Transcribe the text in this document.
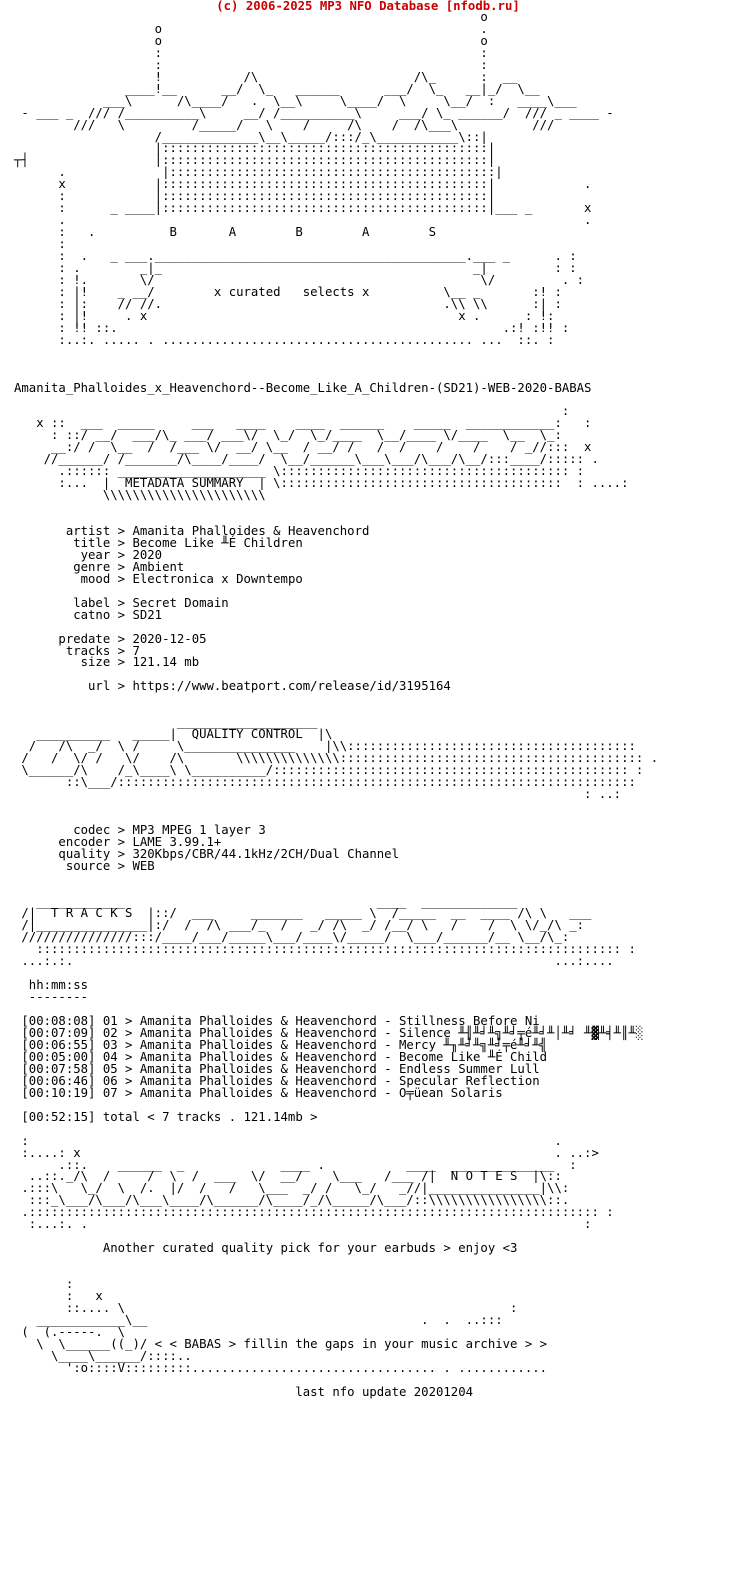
(c) 2006-2025 MP3 NFO Database [nfodb.ru]
o
o                                           .
o                                           o
:                                           :
:                                           :
!           /\                     /\_      :  __
____!__      __/  \_   ______      ___/  \_   __|_/  \__
___\      /\____/   .  \__\     \____/  \     \__/  :   ____\___
- ___ _  /// /__________\     __/ /__________\     ___/ \_ ______/  /// _ ____ -
///   \         /_____/   \    /     /\    /  /\___\          ///
/_____________\__\_____/:::/_\___________\::|
|::::::::::::::::::::::::::::::::::::::::::::|
┬┤                 |::::::::::::::::::::::::::::::::::::::::::::|
.             |::::::::::::::::::::::::::::::::::::::::::::|
x            |::::::::::::::::::::::::::::::::::::::::::::|            .
:            |::::::::::::::::::::::::::::::::::::::::::::|
:      _ ____|::::::::::::::::::::::::::::::::::::::::::::|___ _       x
.                                                                      .
:   .          B       A        B        A        S
:
:  .   _ ___.__________________________________________.___ _      . :
: .        _|_                                          _|         : :
: !.       \/                                            \/         . :
: |!    _ __/        x curated   selects x          \__ _       :! :
: |:    // //.                                      .\\ \\      :| :
: |!     . x                                          x .      : !:
: !! ::.                                                    .:! :!! :
:..:. ..... . .......................................... ...  ::. :

Amanita_Phalloides_x_Heavenchord--Become_Like_A_Children-(SD21)-WEB-2020-BABAS

:
x ::  ___  _____     ___   ____    ____  ______    _____  ____________:   :
: ::/ __/  ___/\_ ___/ ___\/  \_/  \_/____  \__/____ \/____  \__  \_:
__:/ /  \__  /  /___ \/  __/ \__  / __/ /   /  /    /    /    / _//:::  x
//______/ /_______/\____/____/  \__/______\___\___/\___/\__/:::____/::::: .
.:::::: ____________________ \::::::::::::::::::::::::::::::::::::::: :
:...  |  METADATA SUMMARY  | \::::::::::::::::::::::::::::::::::::::  : ....:
\\\\\\\\\\\\\\\\\\\\\\

artist > Amanita Phalloides & Heavenchord
title > Become Like ╨É Children
year > 2020
genre > Ambient
mood > Electronica x Downtempo

label > Secret Domain
catno > SD21

predate > 2020-12-05
tracks > 7
size > 121.14 mb

url > https://www.beatport.com/release/id/3195164

___________________
__________   _____|  QUALITY CONTROL  |\
/   /\  _/  \ /     \_______________    |\\:::::::::::::::::::::::::::::::::::::::
/   /  \/ /   \/    /\       \\\\\\\\\\\\\\::::::::::::::::::::::::::::::::::::::::: .
\______/\    /_\____\ \__________/:::::::::::::::::::::::::::::::::::::::::::::::: :
::\___/::::::::::::::::::::::::::::::::::::::::::::::::::::::::::::::::::::::
: ..:

codec > MP3 MPEG 1 layer 3
encoder > LAME 3.99.1+
quality > 320Kbps/CBR/44.1kHz/2CH/Dual Channel
source > WEB

____________                                  ____  _____________
/|  T R A C K S  |::/  ___     _______   _____ \  /_____  __  ____ /\ \   ___
/|_______________|:/  /  /\ ___/_  /   _/ /\  _/ /__/ \   /    /  \ \/_/\ _:
///////////////:::/____/___/_____\___/____\/_____/  \___/______/__ \__/\_:
::::::::::::::::::::::::::::::::::::::::::::::::::::::::::::::::::::::::::::::: :
...:.:.                                                                 ...:....

hh:mm:ss
--------

[00:08:08] 01 > Amanita Phalloides & Heavenchord - Stillness Before Ni
[00:07:09] 02 > Amanita Phalloides & Heavenchord - Silence ╨╢╨╛╨╗╨╛╤é╨╛╨│╨╛ ╨▓╨╡╨║╨░
[00:06:55] 03 > Amanita Phalloides & Heavenchord - Mercy ╨╖╨╛╨╗╨╛╤é╨╛╨╣
[00:05:00] 04 > Amanita Phalloides & Heavenchord - Become Like ╨É Child
[00:07:58] 05 > Amanita Phalloides & Heavenchord - Endless Summer Lull
[00:06:46] 06 > Amanita Phalloides & Heavenchord - Specular Reflection
[00:10:19] 07 > Amanita Phalloides & Heavenchord - O╤üean Solaris

[00:52:15] total < 7 tracks . 121.14mb >

:                                                                       .
:....: x                                                                . ..:>
.::.    ______  _             ____ .           ____  ______________  :
..::._/\  /     /  \  /  ___  \/  __/    \___   /___ /|  N O T E S  |\::
.:::\   \_/  \  /.  |/  /   /   \___  _/ /   \_/   _//|_______________|\\:
:::_\___/\___/\___\____/\______/\____/_/\_____/\___/::\\\\\\\\\\\\\\\\::.
.::::::::::::::::::::::::::::::::::::::::::::::::::::::::::::::::::::::::::::: :
:...:. .                                                                   :

Another curated quality pick for your earbuds > enjoy <3

:
:   x
::.... \                                                    :
____________\__                                     .  .  ..:::
(  (.-----.  \
\  \______((_)/ < < BABAS > fillin the gaps in your music archive > >
\____\______/::::..
':o::::V:::::::::................................. . ............

last nfo update 20201204
